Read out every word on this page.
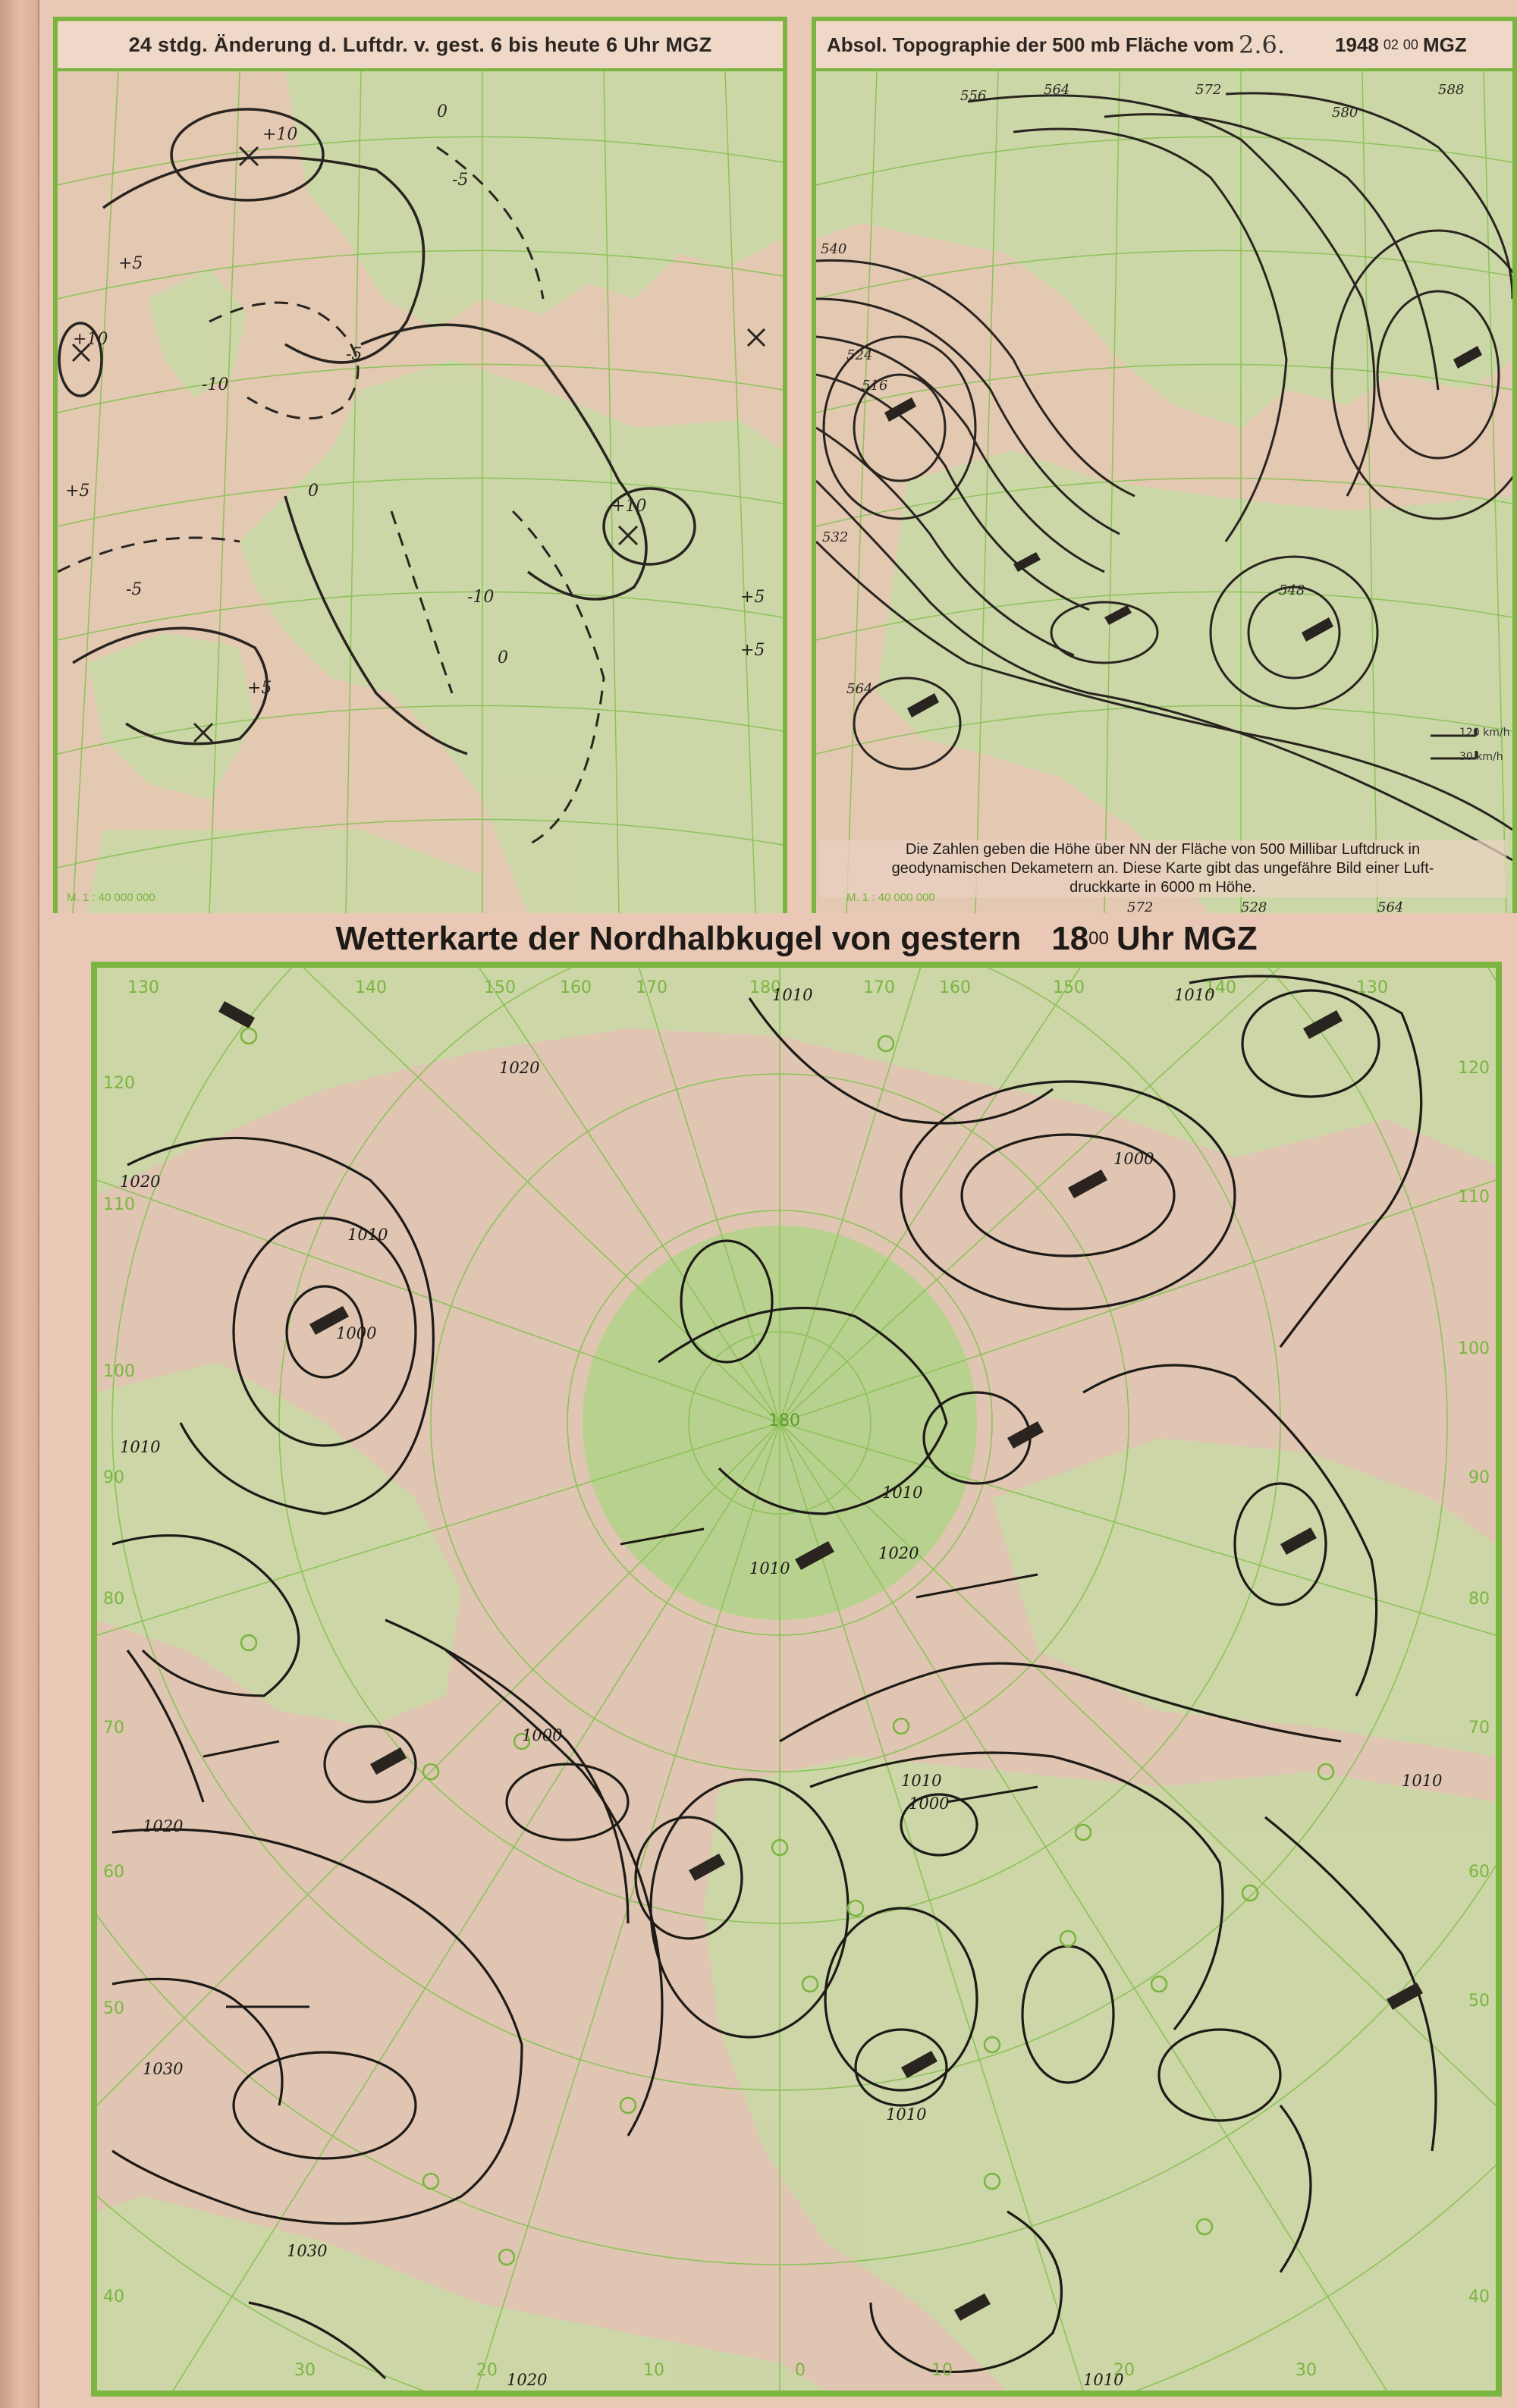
24 stdg. Änderung d. Luftdr. v. gest. 6 bis heute 6 Uhr MGZ
+10
+5
0
-5
-10
+10
-5
+5
-10
0
+5
-5
+10
+5
+5
0
M. 1 : 40 000 000
Absol. Topographie der 500 mb Fläche vom 2.6.	1948 02 00 MGZ
556	564	572
580
588
540
548
516
524
532
564
572	528	564
120 km/h
30 km/h
Die Zahlen geben die Höhe über NN der Fläche von 500 Millibar Luftdruck in
geodynamischen Dekametern an. Diese Karte gibt das ungefähre Bild einer Luft-
druckkarte in 6000 m Höhe.
M. 1 : 40 000 000
Wetterkarte der Nordhalbkugel von gestern 18 00 Uhr MGZ
130	140	150	160	170	180	170	160	150	140	130
30	20	10	0	10	20	30
120
110
100
90
80
70
60
50
40
120
110
100
90
80
70
60
50
40
180
1010
1020
1010
1000
1010
1020
1010
1000
1010
1020
1010
1000
1030
1030
1020
1010
1010	1010
1000
1010
1020
